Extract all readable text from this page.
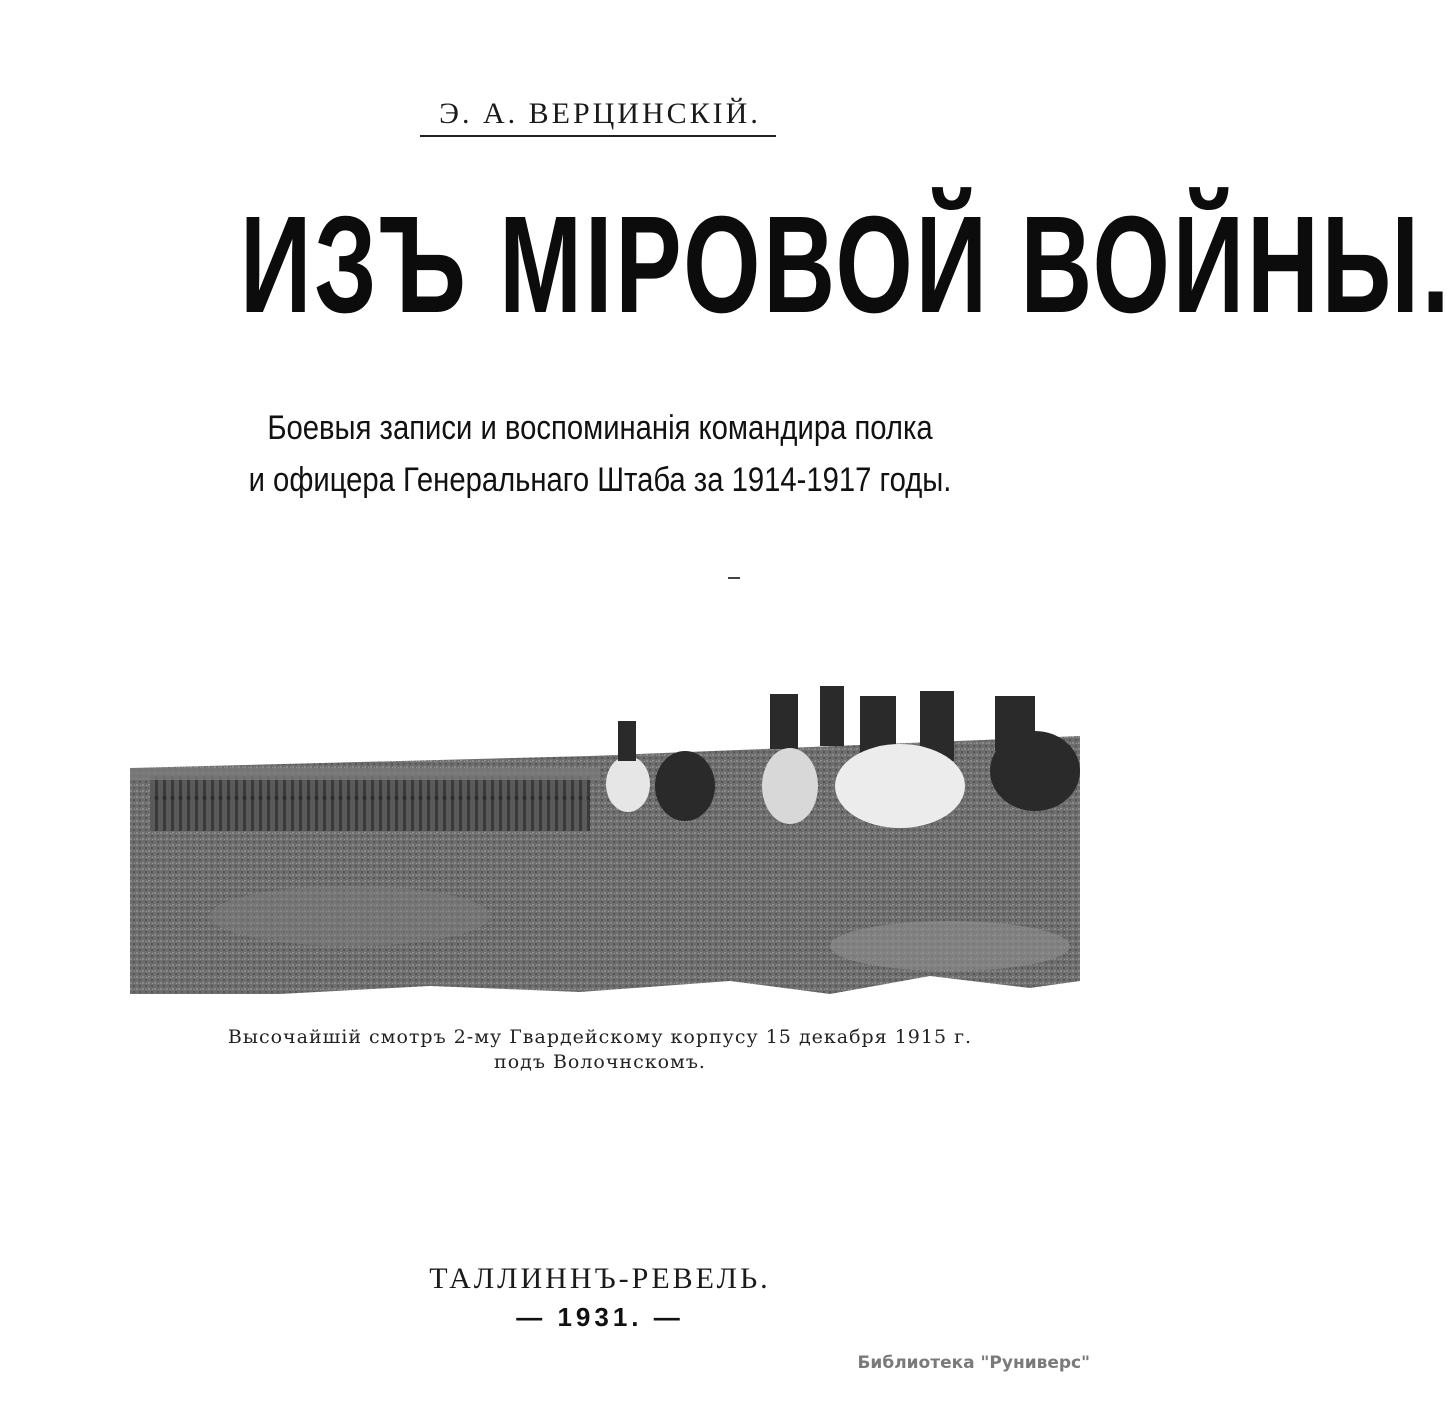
Э. А. ВЕРЦИНСКIЙ.
ИЗЪ МIРОВОЙ ВОЙНЫ.
Боевыя записи и воспоминанія командира полка
и офицера Генеральнаго Штаба за 1914-1917 годы.
Высочайшій смотръ 2-му Гвардейскому корпусу 15 декабря 1915 г.
подъ Волочнскомъ.
ТАЛЛИННЪ-РЕВЕЛЬ.
— 1931. —
Библиотека "Руниверс"
